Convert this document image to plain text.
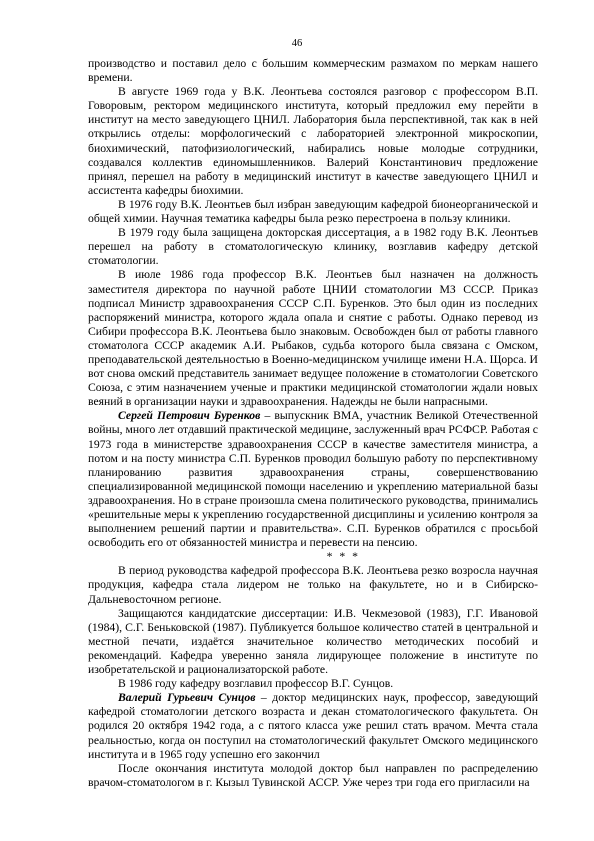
46

производство и поставил дело с большим коммерческим размахом по меркам нашего времени.

В августе 1969 года у В.К. Леонтьева состоялся разговор с профессором В.П. Говоровым, ректором медицинского института, который предложил ему перейти в институт на место заведующего ЦНИЛ. Лаборатория была перспективной, так как в ней открылись отделы: морфологический с лабораторией электронной микроскопии, биохимический, патофизиологический, набирались новые молодые сотрудники, создавался коллектив единомышленников. Валерий Константинович предложение принял, перешел на работу в медицинский институт в качестве заведующего ЦНИЛ и ассистента кафедры биохимии.

В 1976 году В.К. Леонтьев был избран заведующим кафедрой бионеорганической и общей химии. Научная тематика кафедры была резко перестроена в пользу клиники.

В 1979 году была защищена докторская диссертация, а в 1982 году В.К. Леонтьев перешел на работу в стоматологическую клинику, возглавив кафедру детской стоматологии.

В июле 1986 года профессор В.К. Леонтьев был назначен на должность заместителя директора по научной работе ЦНИИ стоматологии МЗ СССР. Приказ подписал Министр здравоохранения СССР С.П. Буренков. Это был один из последних распоряжений министра, которого ждала опала и снятие с работы. Однако перевод из Сибири профессора В.К. Леонтьева было знаковым. Освобожден был от работы главного стоматолога СССР академик А.И. Рыбаков, судьба которого была связана с Омском, преподавательской деятельностью в Военно-медицинском училище имени Н.А. Щорса. И вот снова омский представитель занимает ведущее положение в стоматологии Советского Союза, с этим назначением ученые и практики медицинской стоматологии ждали новых веяний в организации науки и здравоохранения. Надежды не были напрасными.

Сергей Петрович Буренков – выпускник ВМА, участник Великой Отечественной войны, много лет отдавший практической медицине, заслуженный врач РСФСР. Работая с 1973 года в министерстве здравоохранения СССР в качестве заместителя министра, а потом и на посту министра С.П. Буренков проводил большую работу по перспективному планированию развития здравоохранения страны, совершенствованию специализированной медицинской помощи населению и укреплению материальной базы здравоохранения. Но в стране произошла смена политического руководства, принимались «решительные меры к укреплению государственной дисциплины и усилению контроля за выполнением решений партии и правительства». С.П. Буренков обратился с просьбой освободить его от обязанностей министра и перевести на пенсию.

* * *

В период руководства кафедрой профессора В.К. Леонтьева резко возросла научная продукция, кафедра стала лидером не только на факультете, но и в Сибирско-Дальневосточном регионе.

Защищаются кандидатские диссертации: И.В. Чекмезовой (1983), Г.Г. Ивановой (1984), С.Г. Беньковской (1987). Публикуется большое количество статей в центральной и местной печати, издаётся значительное количество методических пособий и рекомендаций. Кафедра уверенно заняла лидирующее положение в институте по изобретательской и рационализаторской работе.

В 1986 году кафедру возглавил профессор В.Г. Сунцов.

Валерий Гурьевич Сунцов – доктор медицинских наук, профессор, заведующий кафедрой стоматологии детского возраста и декан стоматологического факультета. Он родился 20 октября 1942 года, а с пятого класса уже решил стать врачом. Мечта стала реальностью, когда он поступил на стоматологический факультет Омского медицинского института и в 1965 году успешно его закончил

После окончания института молодой доктор был направлен по распределению врачом-стоматологом в г. Кызыл Тувинской АССР. Уже через три года его пригласили на
